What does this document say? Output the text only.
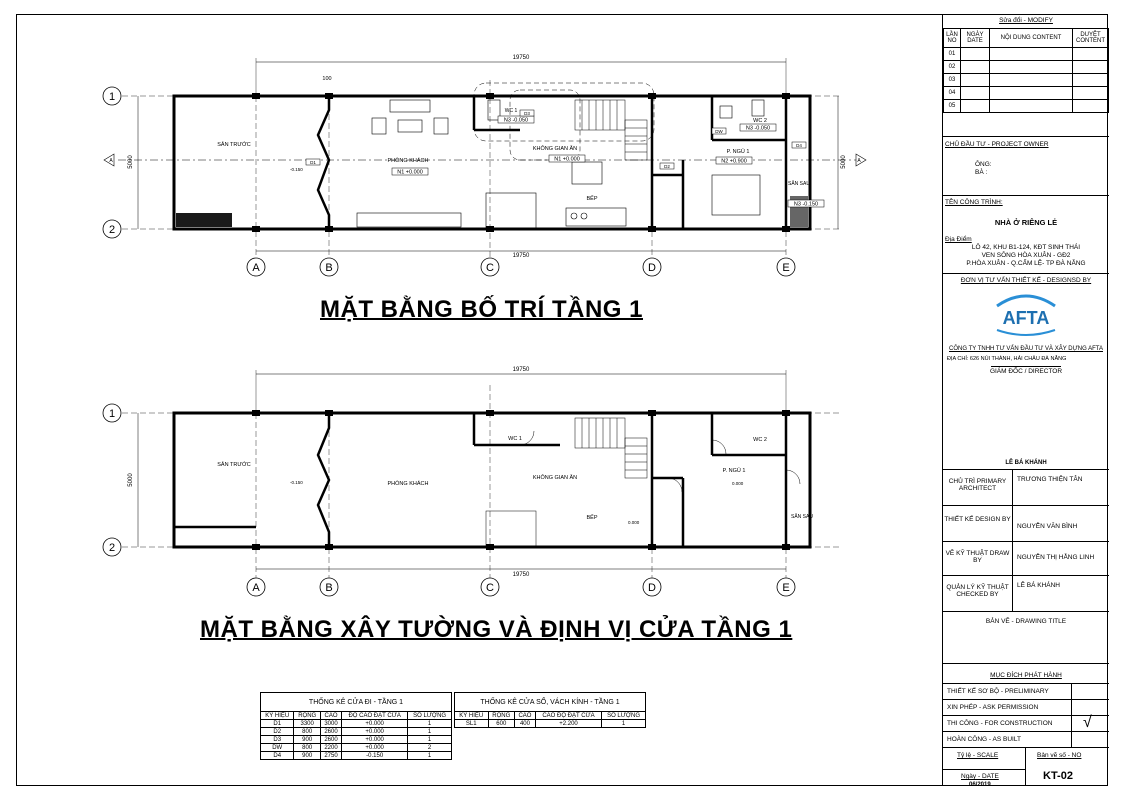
19750
100
19750
5000	5000
SÂN TRƯỚC
PHÒNG KHÁCH
KHÔNG GIAN ĂN
BẾP
WC 1
WC 2
P. NGỦ 1
SÂN SAU
N1 +0.000
N1 +0.000	N2 +0.900
N3 -0.050
N3 -0.050
N3 -0.150
-0.150
D1
D2
DW
D4
D3
1
2
A	B	C	D	E
A	A
19750
19750
5000
SÂN TRƯỚC
PHÒNG KHÁCH
KHÔNG GIAN ĂN
BẾP
WC 1	WC 2
P. NGỦ 1
SÂN SAU
-0.150
0.000
0.000
1
2
A	B	C	D	E
MẶT BẰNG BỐ TRÍ TẦNG 1
MẶT BẰNG XÂY TƯỜNG VÀ ĐỊNH VỊ CỬA TẦNG 1
THỐNG KÊ CỬA ĐI - TẦNG 1				
KÝ HIỆU	RỘNG	CAO	ĐỘ CAO ĐẶT CỬA	SỐ LƯỢNG
D1	3300	3000	+0.000	1
D2	800	2600	+0.000	1
D3	900	2600	+0.000	1
DW	800	2200	+0.000	2
D4	900	2750	-0.150	1
THỐNG KÊ CỬA SỔ, VÁCH KÍNH - TẦNG 1				
KÝ HIỆU	RỘNG	CAO	CAO ĐỘ ĐẶT CỬA	SỐ LƯỢNG
SL1	600	400	+2.200	1
Sửa đổi - MODIFY
LẦN NO	NGÀY DATE	NỘI DUNG CONTENT	DUYỆT CONTENT
01			
02			
03			
04			
05			
CHỦ ĐẦU TƯ - PROJECT OWNER
ÔNG:
BÀ :
TÊN CÔNG TRÌNH:
NHÀ Ở RIÊNG LẺ
Địa Điểm
LÔ 42, KHU B1-124, KĐT SINH THÁI
VEN SÔNG HÒA XUÂN - GĐ2
P.HÒA XUÂN - Q.CẨM LỆ- TP ĐÀ NẴNG
ĐƠN VỊ TƯ VẤN THIẾT KẾ - DESIGNSD BY
AFTA
CÔNG TY TNHH TƯ VẤN ĐẦU TƯ VÀ XÂY DỰNG AFTA
ĐỊA CHỈ: 626 NÚI THÀNH, HẢI CHÂU ĐÀ NẴNG
GIÁM ĐỐC / DIRECTOR
LÊ BÁ KHÁNH
CHỦ TRÌ PRIMARY ARCHITECT
TRƯƠNG THIỆN TÂN
THIẾT KẾ DESIGN BY
NGUYỄN VĂN BÌNH
VẼ KỸ THUẬT DRAW BY	NGUYỄN THỊ HẰNG LINH
QUẢN LÝ KỸ THUẬT CHECKED BY
LÊ BÁ KHÁNH
BẢN VẼ - DRAWING TITLE
MỤC ĐÍCH PHÁT HÀNH
THIẾT KẾ SƠ BỘ - PRELIMINARY
XIN PHÉP - ASK PERMISSION
THI CÔNG - FOR CONSTRUCTION √
HOÀN CÔNG - AS BUILT
Tỷ lệ - SCALE	Bản vẽ số - NO
Ngày - DATE
06/2019
KT-02
